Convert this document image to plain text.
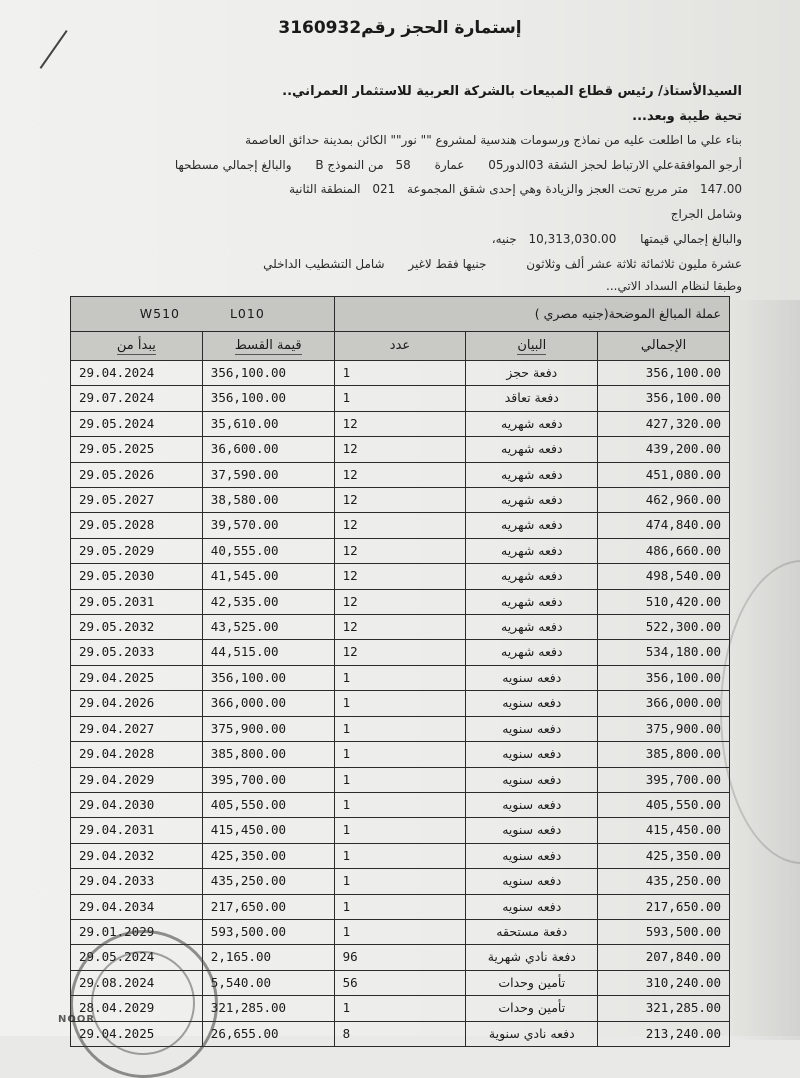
إستمارة الحجز رقم3160932
السيدالأستاذ/ رئيس قطاع المبيعات بالشركة العربية للاستثمار العمراني..
تحية طيبة وبعد...
بناء علي ما اطلعت عليه من نماذج ورسومات هندسية لمشروع "" نور"" الكائن بمدينة حدائق العاصمة
أرجو الموافقةعلي الارتباط لحجز الشقة 03الدور05 عمارة 58 من النموذج B والبالغ إجمالي مسطحها
147.00 متر مربع تحت العجز والزيادة وهي إحدى شقق المجموعة 021 المنطقة الثانية
وشامل الجراج
والبالغ إجمالي قيمتها 10,313,030.00 جنيه،
عشرة مليون ثلاثمائة ثلاثة عشر ألف وثلاثون جنيها فقط لاغير شامل التشطيب الداخلي
وطبقا لنظام السداد الاتي...
W510 L010		عملة المبالغ الموضحة(جنيه مصري )		
يبدأ من	قيمة القسط	عدد	البيان	الإجمالي
29.04.2024	356,100.00	1	دفعة حجز	356,100.00
29.07.2024	356,100.00	1	دفعة تعاقد	356,100.00
29.05.2024	35,610.00	12	دفعه شهريه	427,320.00
29.05.2025	36,600.00	12	دفعه شهريه	439,200.00
29.05.2026	37,590.00	12	دفعه شهريه	451,080.00
29.05.2027	38,580.00	12	دفعه شهريه	462,960.00
29.05.2028	39,570.00	12	دفعه شهريه	474,840.00
29.05.2029	40,555.00	12	دفعه شهريه	486,660.00
29.05.2030	41,545.00	12	دفعه شهريه	498,540.00
29.05.2031	42,535.00	12	دفعه شهريه	510,420.00
29.05.2032	43,525.00	12	دفعه شهريه	522,300.00
29.05.2033	44,515.00	12	دفعه شهريه	534,180.00
29.04.2025	356,100.00	1	دفعه سنويه	356,100.00
29.04.2026	366,000.00	1	دفعه سنويه	366,000.00
29.04.2027	375,900.00	1	دفعه سنويه	375,900.00
29.04.2028	385,800.00	1	دفعه سنويه	385,800.00
29.04.2029	395,700.00	1	دفعه سنويه	395,700.00
29.04.2030	405,550.00	1	دفعه سنويه	405,550.00
29.04.2031	415,450.00	1	دفعه سنويه	415,450.00
29.04.2032	425,350.00	1	دفعه سنويه	425,350.00
29.04.2033	435,250.00	1	دفعه سنويه	435,250.00
29.04.2034	217,650.00	1	دفعه سنويه	217,650.00
29.01.2029	593,500.00	1	دفعة مستحقه	593,500.00
29.05.2024	2,165.00	96	دفعة نادي شهرية	207,840.00
29.08.2024	5,540.00	56	تأمين وحدات	310,240.00
28.04.2029	321,285.00	1	تأمين وحدات	321,285.00
29.04.2025	26,655.00	8	دفعه نادي سنوية	213,240.00
NOOR
